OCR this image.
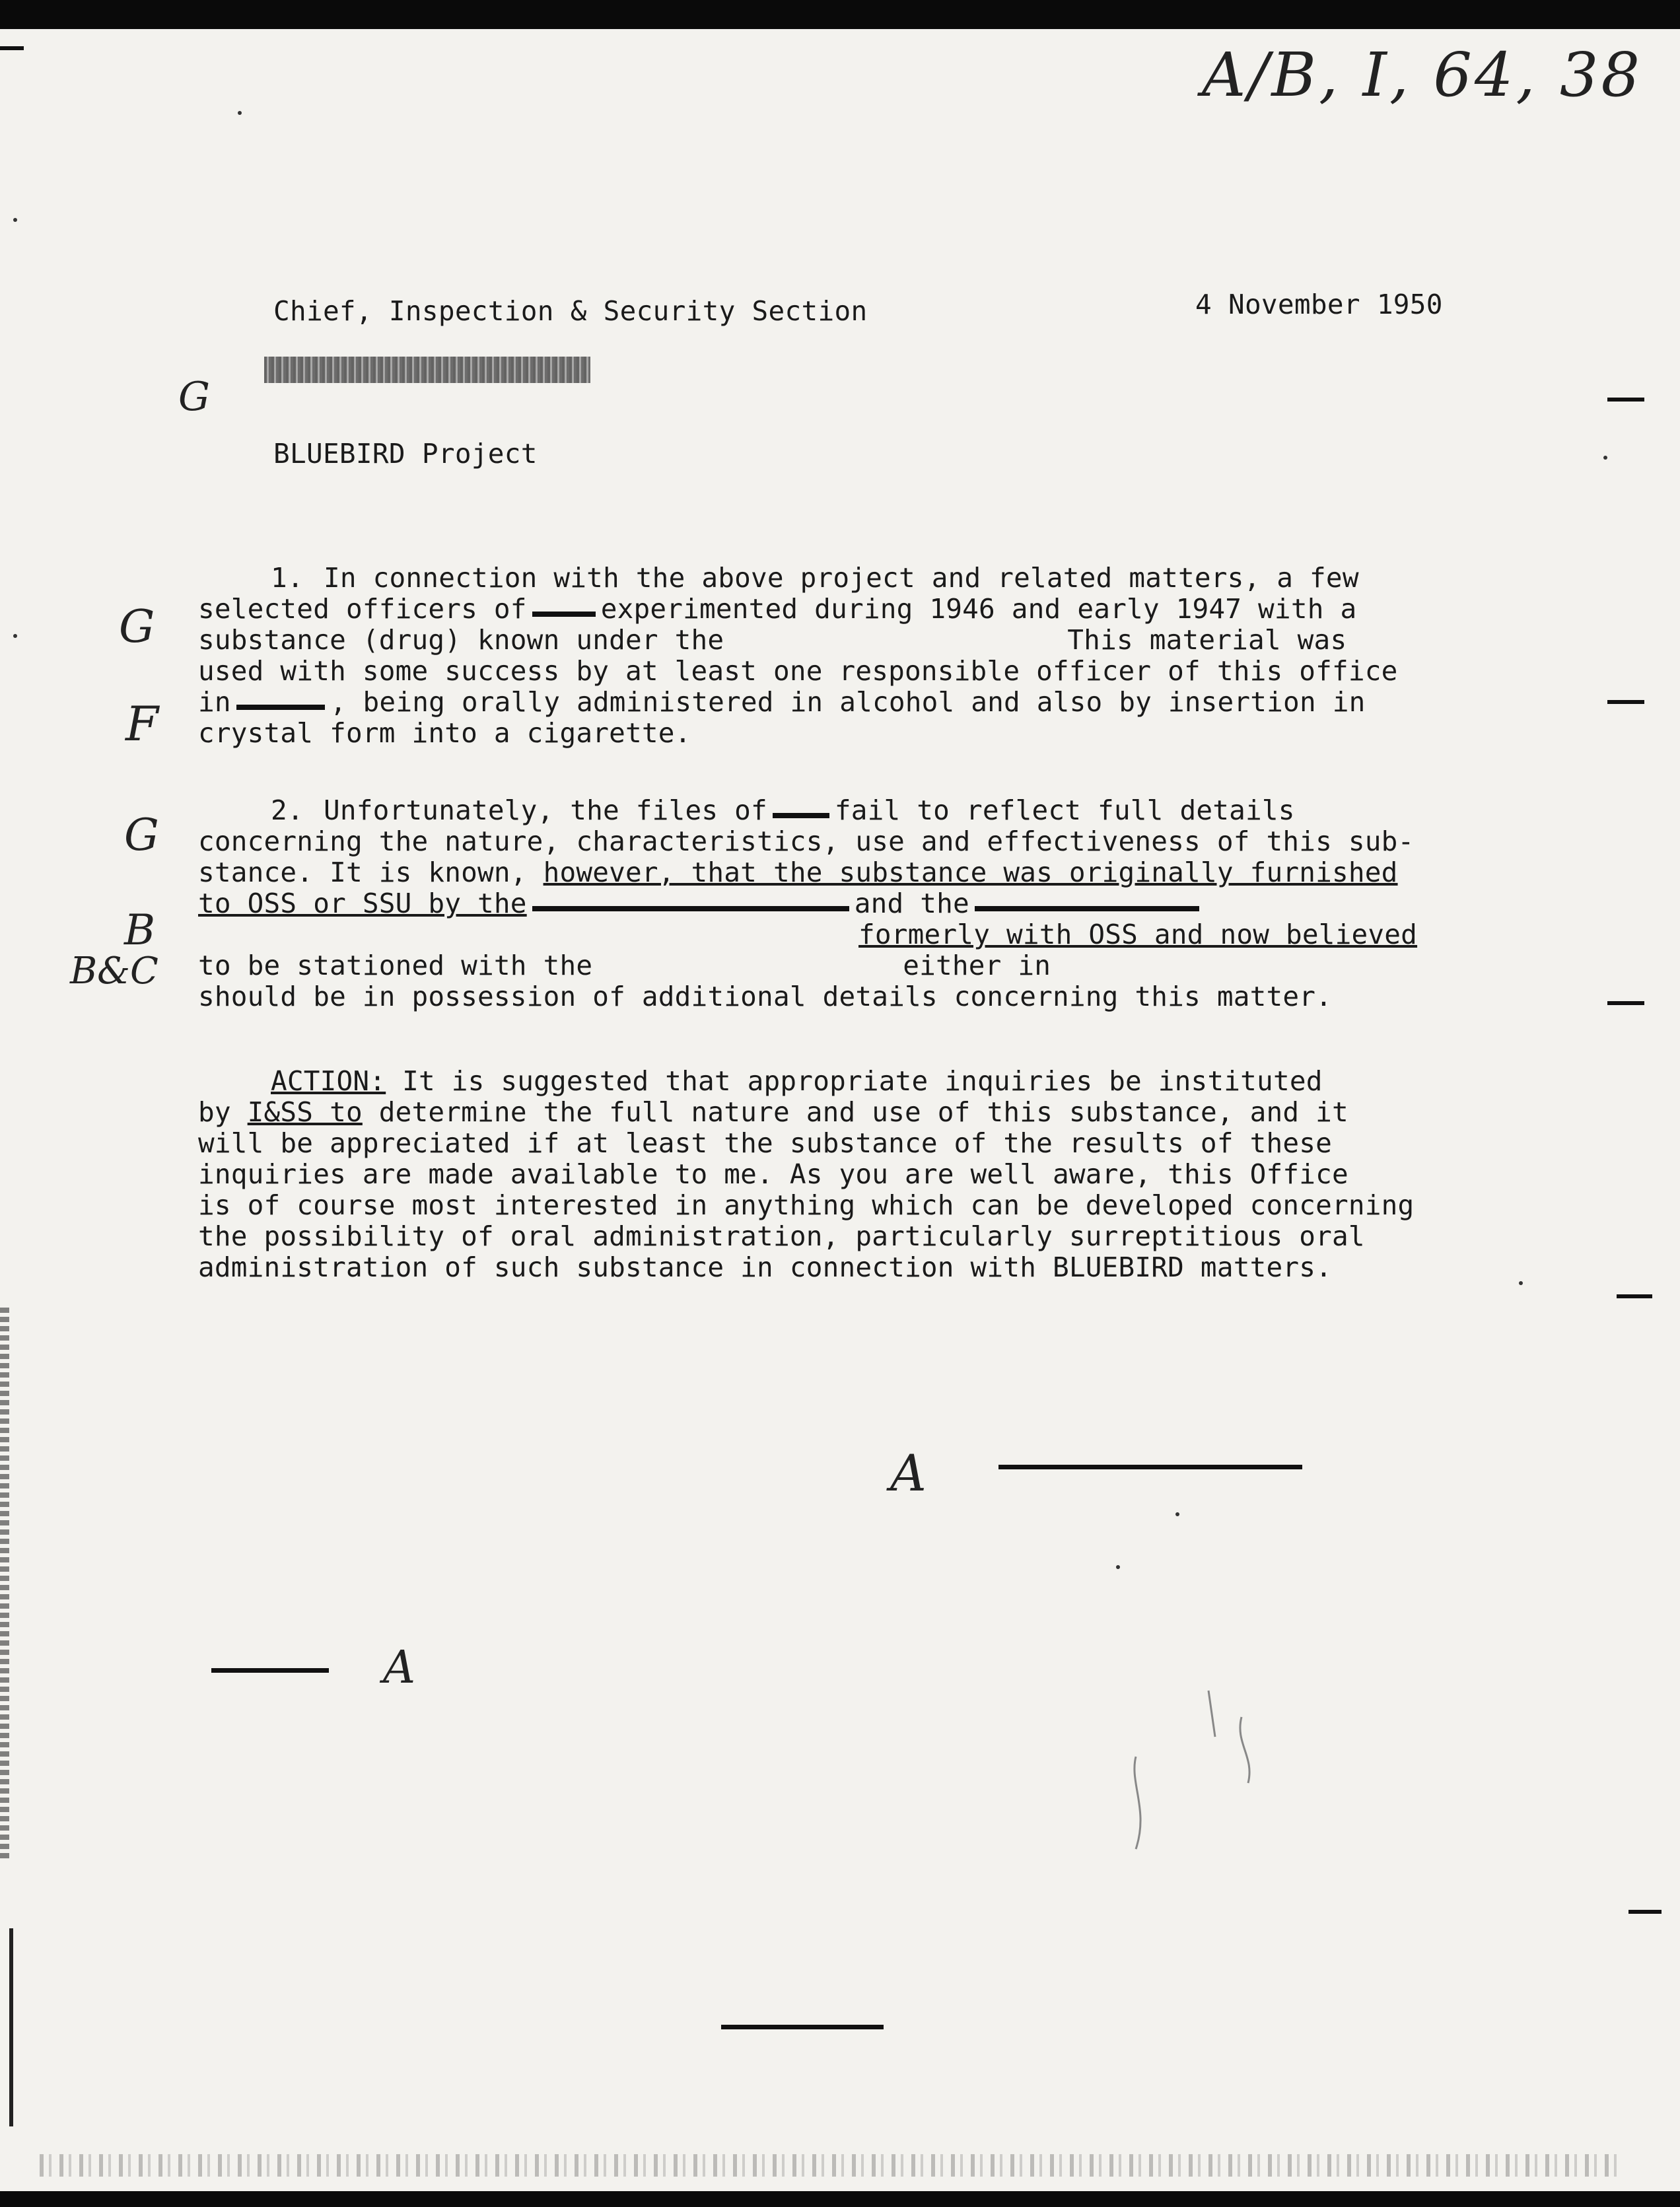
A/B, I, 64, 38
Chief, Inspection & Security Section	4 November 1950
G
BLUEBIRD Project
G
F
1. In connection with the above project and related matters, a few
selected officers of	experimented during 1946 and early 1947 with a
substance (drug) known under the	This material was
used with some success by at least one responsible officer of this office
in	, being orally administered in alcohol and also by insertion in
crystal form into a cigarette.
G
B
B&C
2. Unfortunately, the files of fail to reflect full details
concerning the nature, characteristics, use and effectiveness of this sub-
stance. It is known, however, that the substance was originally furnished
to OSS or SSU by the	and the
formerly with OSS and now believed
to be stationed with the	either in
should be in possession of additional details concerning this matter.
ACTION: It is suggested that appropriate inquiries be instituted
by I&SS to determine the full nature and use of this substance, and it
will be appreciated if at least the substance of the results of these
inquiries are made available to me. As you are well aware, this Office
is of course most interested in anything which can be developed concerning
the possibility of oral administration, particularly surreptitious oral
administration of such substance in connection with BLUEBIRD matters.
A
A
